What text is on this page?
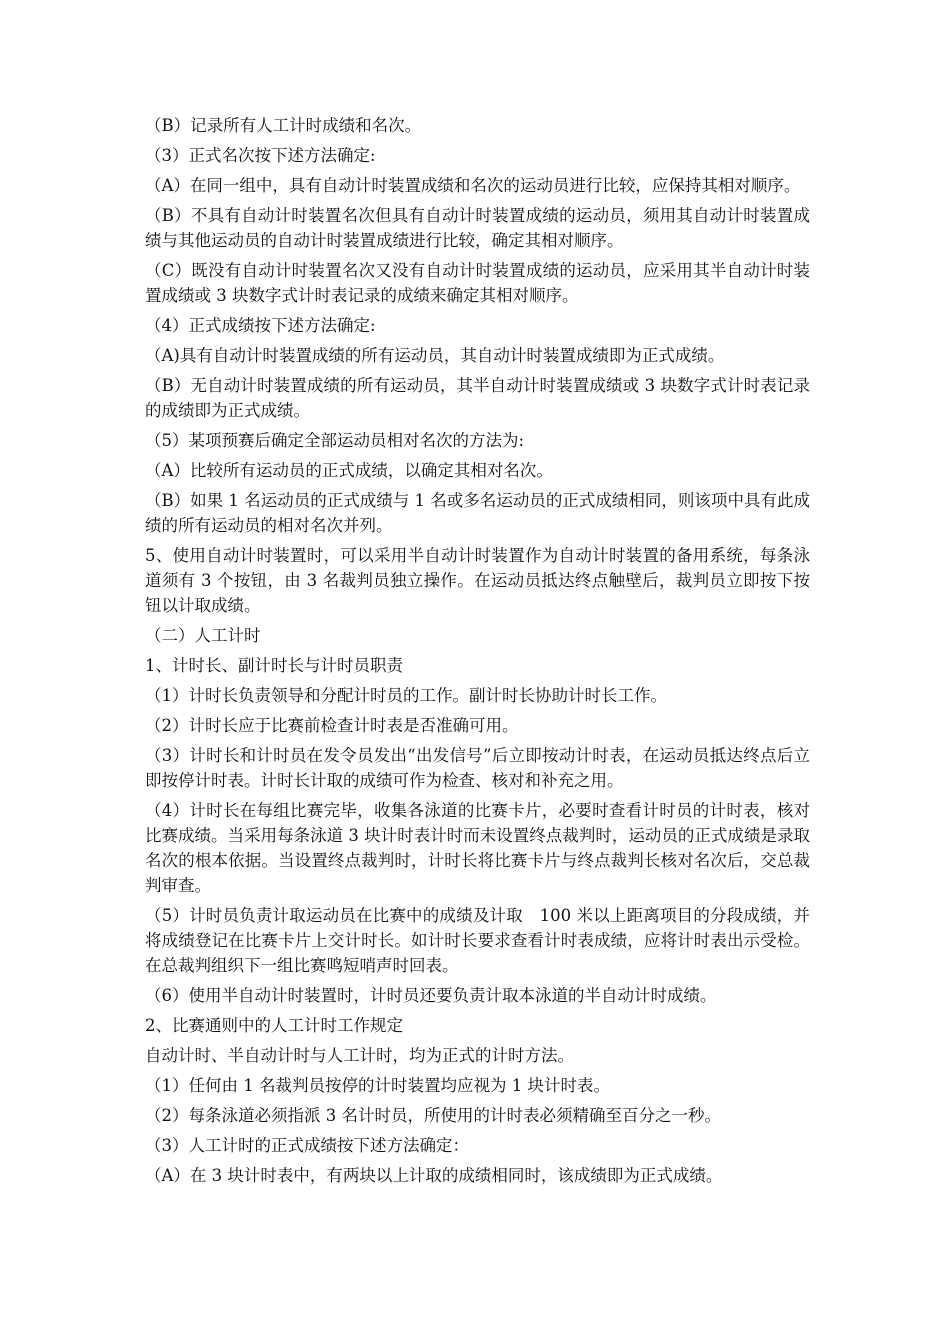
（B）记录所有人工计时成绩和名次。

（3）正式名次按下述方法确定:

（A）在同一组中，具有自动计时装置成绩和名次的运动员进行比较，应保持其相对顺序。

（B）不具有自动计时装置名次但具有自动计时装置成绩的运动员，须用其自动计时装置成绩与其他运动员的自动计时装置成绩进行比较，确定其相对顺序。

（C）既没有自动计时装置名次又没有自动计时装置成绩的运动员，应采用其半自动计时装置成绩或 3 块数字式计时表记录的成绩来确定其相对顺序。

（4）正式成绩按下述方法确定:

（A)具有自动计时装置成绩的所有运动员，其自动计时装置成绩即为正式成绩。

（B）无自动计时装置成绩的所有运动员，其半自动计时装置成绩或 3 块数字式计时表记录的成绩即为正式成绩。

（5）某项预赛后确定全部运动员相对名次的方法为:

（A）比较所有运动员的正式成绩，以确定其相对名次。

（B）如果 1 名运动员的正式成绩与 1 名或多名运动员的正式成绩相同，则该项中具有此成绩的所有运动员的相对名次并列。

5、使用自动计时装置时，可以采用半自动计时装置作为自动计时装置的备用系统，每条泳道须有 3 个按钮，由 3 名裁判员独立操作。在运动员抵达终点触壁后，裁判员立即按下按钮以计取成绩。

（二）人工计时

1、计时长、副计时长与计时员职责

（1）计时长负责领导和分配计时员的工作。副计时长协助计时长工作。

（2）计时长应于比赛前检查计时表是否准确可用。

（3）计时长和计时员在发令员发出“出发信号”后立即按动计时表，在运动员抵达终点后立即按停计时表。计时长计取的成绩可作为检查、核对和补充之用。

（4）计时长在每组比赛完毕，收集各泳道的比赛卡片，必要时查看计时员的计时表，核对比赛成绩。当采用每条泳道 3 块计时表计时而未设置终点裁判时，运动员的正式成绩是录取名次的根本依据。当设置终点裁判时，计时长将比赛卡片与终点裁判长核对名次后，交总裁判审查。

（5）计时员负责计取运动员在比赛中的成绩及计取　100 米以上距离项目的分段成绩，并将成绩登记在比赛卡片上交计时长。如计时长要求查看计时表成绩，应将计时表出示受检。在总裁判组织下一组比赛鸣短哨声时回表。

（6）使用半自动计时装置时，计时员还要负责计取本泳道的半自动计时成绩。

2、比赛通则中的人工计时工作规定

自动计时、半自动计时与人工计时，均为正式的计时方法。

（1）任何由 1 名裁判员按停的计时装置均应视为 1 块计时表。

（2）每条泳道必须指派 3 名计时员，所使用的计时表必须精确至百分之一秒。

（3）人工计时的正式成绩按下述方法确定：

（A）在 3 块计时表中，有两块以上计取的成绩相同时，该成绩即为正式成绩。
